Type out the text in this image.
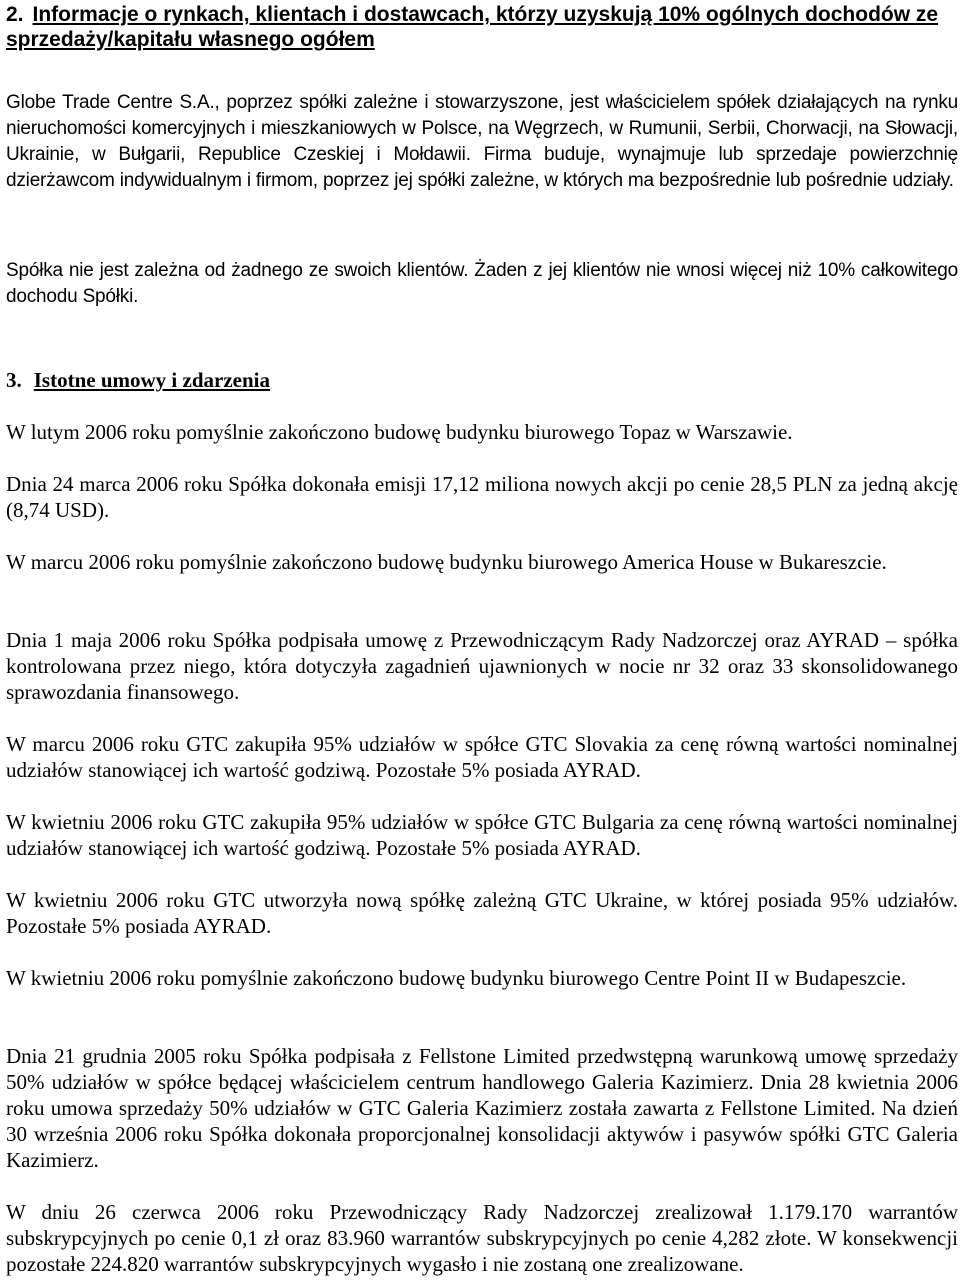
2. Informacje o rynkach, klientach i dostawcach, którzy uzyskują 10% ogólnych dochodów ze
sprzedaży/kapitału własnego ogółem

Globe Trade Centre S.A., poprzez spółki zależne i stowarzyszone, jest właścicielem spółek działających na rynku nieruchomości komercyjnych i mieszkaniowych w Polsce, na Węgrzech, w Rumunii, Serbii, Chorwacji, na Słowacji, Ukrainie, w Bułgarii, Republice Czeskiej i Mołdawii. Firma buduje, wynajmuje lub sprzedaje powierzchnię dzierżawcom indywidualnym i firmom, poprzez jej spółki zależne, w których ma bezpośrednie lub pośrednie udziały.

Spółka nie jest zależna od żadnego ze swoich klientów. Żaden z jej klientów nie wnosi więcej niż 10% całkowitego dochodu Spółki.

3. Istotne umowy i zdarzenia

W lutym 2006 roku pomyślnie zakończono budowę budynku biurowego Topaz w Warszawie.

Dnia 24 marca 2006 roku Spółka dokonała emisji 17,12 miliona nowych akcji po cenie 28,5 PLN za jedną akcję (8,74 USD).

W marcu 2006 roku pomyślnie zakończono budowę budynku biurowego America House w Bukareszcie.

Dnia 1 maja 2006 roku Spółka podpisała umowę z Przewodniczącym Rady Nadzorczej oraz AYRAD – spółka kontrolowana przez niego, która dotyczyła zagadnień ujawnionych w nocie nr 32 oraz 33 skonsolidowanego sprawozdania finansowego.

W marcu 2006 roku GTC zakupiła 95% udziałów w spółce GTC Slovakia za cenę równą wartości nominalnej udziałów stanowiącej ich wartość godziwą. Pozostałe 5% posiada AYRAD.

W kwietniu 2006 roku GTC zakupiła 95% udziałów w spółce GTC Bulgaria za cenę równą wartości nominalnej udziałów stanowiącej ich wartość godziwą. Pozostałe 5% posiada AYRAD.

W kwietniu 2006 roku GTC utworzyła nową spółkę zależną GTC Ukraine, w której posiada 95% udziałów. Pozostałe 5% posiada AYRAD.

W kwietniu 2006 roku pomyślnie zakończono budowę budynku biurowego Centre Point II w Budapeszcie.

Dnia 21 grudnia 2005 roku Spółka podpisała z Fellstone Limited przedwstępną warunkową umowę sprzedaży 50% udziałów w spółce będącej właścicielem centrum handlowego Galeria Kazimierz. Dnia 28 kwietnia 2006 roku umowa sprzedaży 50% udziałów w GTC Galeria Kazimierz została zawarta z Fellstone Limited. Na dzień 30 września 2006 roku Spółka dokonała proporcjonalnej konsolidacji aktywów i pasywów spółki GTC Galeria Kazimierz.

W dniu 26 czerwca 2006 roku Przewodniczący Rady Nadzorczej zrealizował 1.179.170 warrantów subskrypcyjnych po cenie 0,1 zł oraz 83.960 warrantów subskrypcyjnych po cenie 4,282 złote. W konsekwencji pozostałe 224.820 warrantów subskrypcyjnych wygasło i nie zostaną one zrealizowane.
